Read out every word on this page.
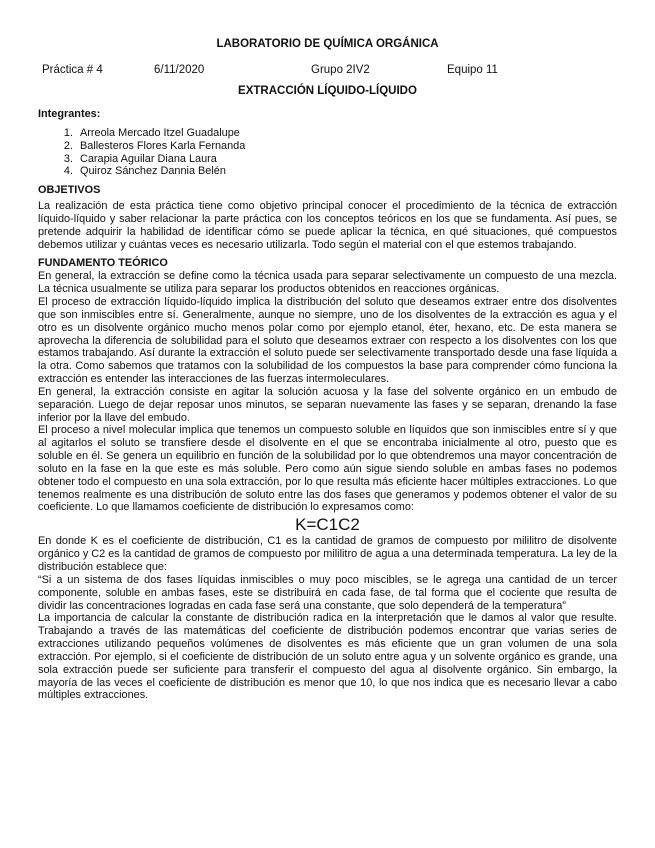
LABORATORIO DE QUÍMICA ORGÁNICA
Práctica # 4	6/11/2020	Grupo 2IV2	Equipo 11
EXTRACCIÓN LÍQUIDO-LÍQUIDO
Integrantes:
1. Arreola Mercado Itzel Guadalupe
2. Ballesteros Flores Karla Fernanda
3. Carapia Aguilar Diana Laura
4. Quiroz Sánchez Dannia Belén
OBJETIVOS

La realización de esta práctica tiene como objetivo principal conocer el procedimiento de la técnica de extracción líquido-líquido y saber relacionar la parte práctica con los conceptos teóricos en los que se fundamenta. Así pues, se pretende adquirir la habilidad de identificar cómo se puede aplicar la técnica, en qué situaciones, qué compuestos debemos utilizar y cuántas veces es necesario utilizarla. Todo según el material con el que estemos trabajando.

FUNDAMENTO TEÓRICO

En general, la extracción se define como la técnica usada para separar selectivamente un compuesto de una mezcla. La técnica usualmente se utiliza para separar los productos obtenidos en reacciones orgánicas.

El proceso de extracción líquido-líquido implica la distribución del soluto que deseamos extraer entre dos disolventes que son inmiscibles entre sí. Generalmente, aunque no siempre, uno de los disolventes de la extracción es agua y el otro es un disolvente orgánico mucho menos polar como por ejemplo etanol, éter, hexano, etc. De esta manera se aprovecha la diferencia de solubilidad para el soluto que deseamos extraer con respecto a los disolventes con los que estamos trabajando. Así durante la extracción el soluto puede ser selectivamente transportado desde una fase líquida a la otra. Como sabemos que tratamos con la solubilidad de los compuestos la base para comprender cómo funciona la extracción es entender las interacciones de las fuerzas intermoleculares.

En general, la extracción consiste en agitar la solución acuosa y la fase del solvente orgánico en un embudo de separación. Luego de dejar reposar unos minutos, se separan nuevamente las fases y se separan, drenando la fase inferior por la llave del embudo.

El proceso a nivel molecular implica que tenemos un compuesto soluble en líquidos que son inmiscibles entre sí y que al agitarlos el soluto se transfiere desde el disolvente en el que se encontraba inicialmente al otro, puesto que es soluble en él. Se genera un equilibrio en función de la solubilidad por lo que obtendremos una mayor concentración de soluto en la fase en la que este es más soluble. Pero como aún sigue siendo soluble en ambas fases no podemos obtener todo el compuesto en una sola extracción, por lo que resulta más eficiente hacer múltiples extracciones. Lo que tenemos realmente es una distribución de soluto entre las dos fases que generamos y podemos obtener el valor de su coeficiente. Lo que llamamos coeficiente de distribución lo expresamos como:

K=C1C2

En donde K es el coeficiente de distribución, C1 es la cantidad de gramos de compuesto por mililitro de disolvente orgánico y C2 es la cantidad de gramos de compuesto por mililitro de agua a una determinada temperatura. La ley de la distribución establece que:

“Si a un sistema de dos fases líquidas inmiscibles o muy poco miscibles, se le agrega una cantidad de un tercer componente, soluble en ambas fases, este se distribuirá en cada fase, de tal forma que el cociente que resulta de dividir las concentraciones logradas en cada fase será una constante, que solo dependerá de la temperatura”

La importancia de calcular la constante de distribución radica en la interpretación que le damos al valor que resulte. Trabajando a través de las matemáticas del coeficiente de distribución podemos encontrar que varias series de extracciones utilizando pequeños volúmenes de disolventes es más eficiente que un gran volumen de una sola extracción. Por ejemplo, si el coeficiente de distribución de un soluto entre agua y un solvente orgánico es grande, una sola extracción puede ser suficiente para transferir el compuesto del agua al disolvente orgánico. Sin embargo, la mayoría de las veces el coeficiente de distribución es menor que 10, lo que nos indica que es necesario llevar a cabo múltiples extracciones.
